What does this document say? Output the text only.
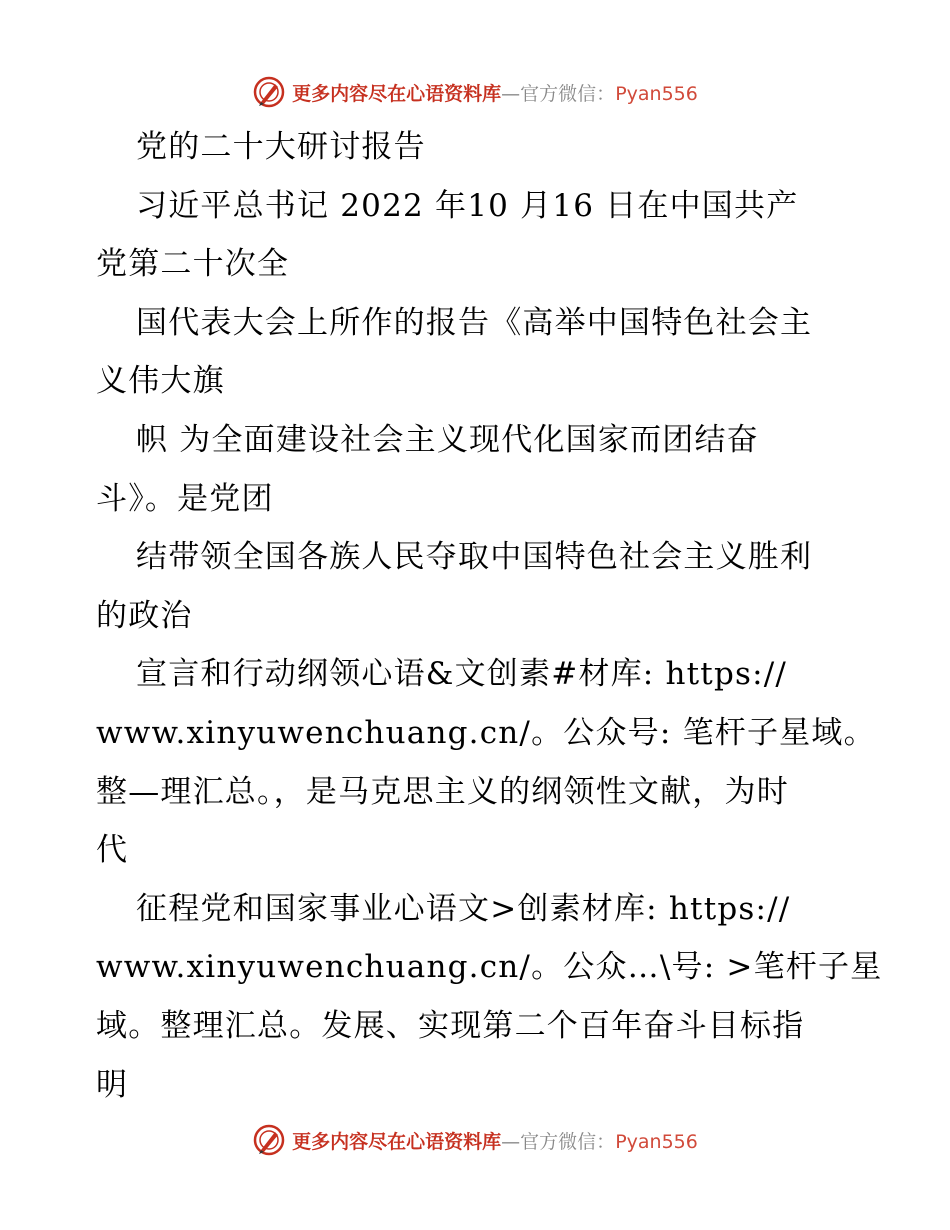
更多内容尽在心语资料库—官方微信：Pyan556
党的二十大研讨报告
习近平总书记 2022 年10 月16 日在中国共产
党第二十次全
国代表大会上所作的报告《高举中国特色社会主
义伟大旗
帜 为全面建设社会主义现代化国家而团结奋
斗》。是党团
结带领全国各族人民夺取中国特色社会主义胜利
的政治
宣言和行动纲领心语&文创素#材库: https://
www.xinyuwenchuang.cn/。公众号: 笔杆子星域。
整—理汇总。，是马克思主义的纲领性文献，为时
代
征程党和国家事业心语文>创素材库: https://
www.xinyuwenchuang.cn/。公众…\号: >笔杆子星
域。整理汇总。发展、实现第二个百年奋斗目标指
明
更多内容尽在心语资料库—官方微信：Pyan556
